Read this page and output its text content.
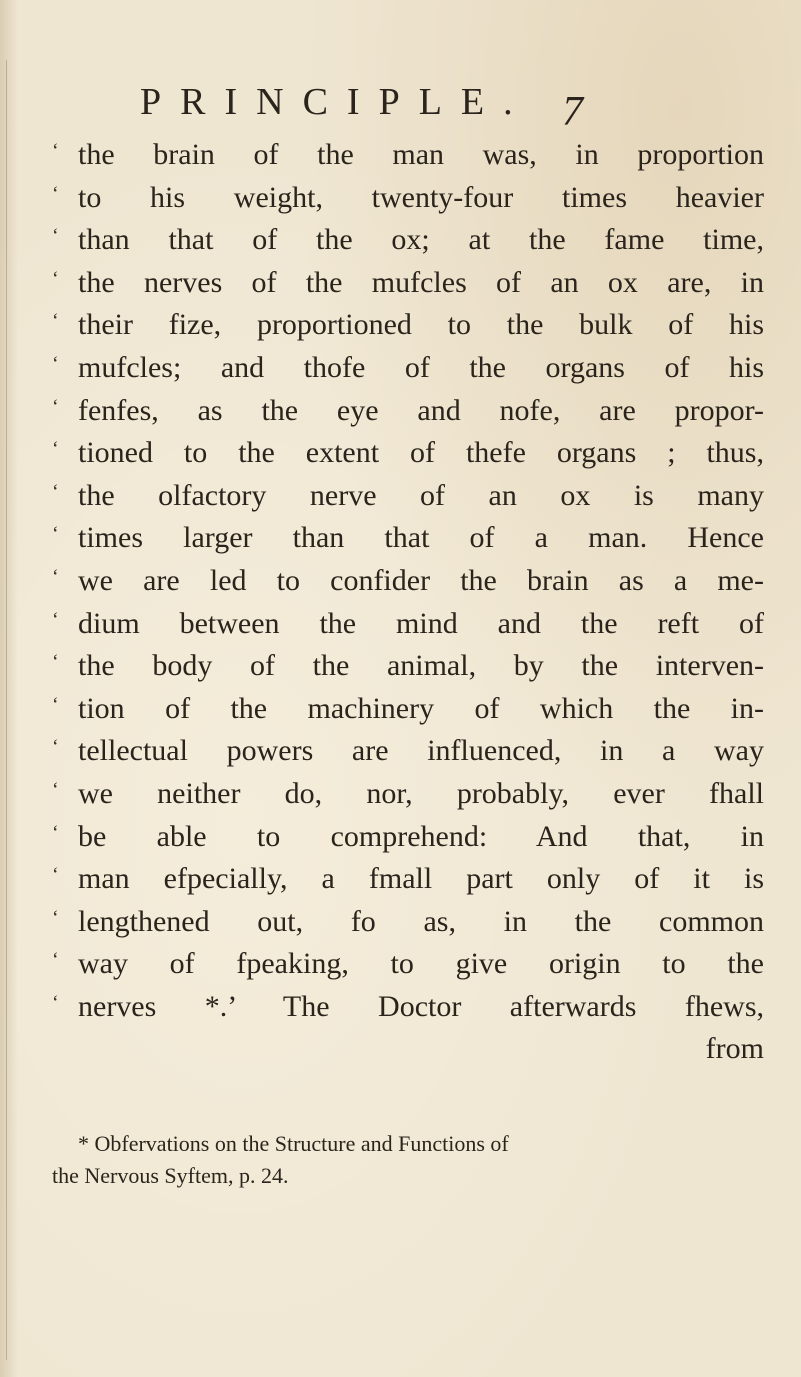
PRINCIPLE. 7
‘ the brain of the man was, in proportion
‘ to his weight, twenty-four times heavier
‘ than that of the ox; at the fame time,
‘ the nerves of the mufcles of an ox are, in
‘ their fize, proportioned to the bulk of his
‘ mufcles; and thofe of the organs of his
‘ fenfes, as the eye and nofe, are propor-
‘ tioned to the extent of thefe organs ; thus,
‘ the olfactory nerve of an ox is many
‘ times larger than that of a man. Hence
‘ we are led to confider the brain as a me-
‘ dium between the mind and the reft of
‘ the body of the animal, by the interven-
‘ tion of the machinery of which the in-
‘ tellectual powers are influenced, in a way
‘ we neither do, nor, probably, ever fhall
‘ be able to comprehend: And that, in
‘ man efpecially, a fmall part only of it is
‘ lengthened out, fo as, in the common
‘ way of fpeaking, to give origin to the
‘ nerves *.’ The Doctor afterwards fhews,
from
* Obfervations on the Structure and Functions of
the Nervous Syftem, p. 24.
